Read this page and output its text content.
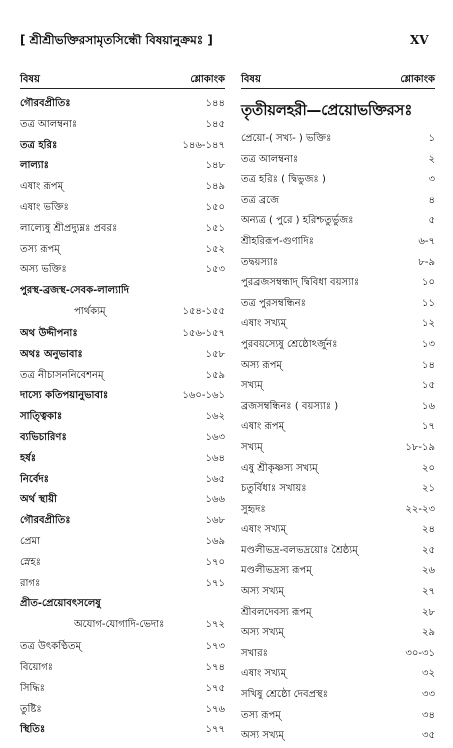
[ শ্রীশ্রীভক্তিরসামৃতসিন্ধৌ বিষয়ানুক্রমঃ ]	XV
বিষয়	শ্লোকাংক
গৌরবপ্রীতিঃ	১৪৪
তত্র আলম্বনাঃ	১৪৫
তত্র হরিঃ	১৪৬-১৪৭
লাল্যাঃ	১৪৮
এষাং রূপম্	১৪৯
এষাং ভক্তিঃ	১৫০
লাল্যেষু শ্রীপ্রদ্যুম্নঃ প্রবরঃ	১৫১
তস্য রূপম্	১৫২
অস্য ভক্তিঃ	১৫৩
পুরস্থ-ব্রজস্থ-সেবক-লাল্যাদি
পার্থক্যম্	১৫৪-১৫৫
অথ উদ্দীপনাঃ	১৫৬-১৫৭
অথঃ অনুভাবাঃ	১৫৮
তত্র নীচাসননিবেশনম্	১৫৯
দাস্যে কতিপয়ানুভাবাঃ	১৬০-১৬১
সাত্ত্বিকাঃ	১৬২
ব্যভিচারিণঃ	১৬৩
হর্ষঃ	১৬৪
নির্বেদঃ	১৬৫
অর্থ স্থায়ী	১৬৬
গৌরবপ্রীতিঃ	১৬৮
প্রেমা	১৬৯
স্নেহঃ	১৭০
রাগঃ	১৭১
প্রীত-প্রেয়োবৎসলেষু
অযোগ-যোগাদি-ভেদাঃ	১৭২
তত্র উৎকণ্ঠিতম্	১৭৩
বিয়োগঃ	১৭৪
সিদ্ধিঃ	১৭৫
তুষ্টিঃ	১৭৬
স্থিতিঃ	১৭৭
বিষয়	শ্লোকাংক
তৃতীয়লহরী—প্রেয়োভক্তিরসঃ
প্রেয়ো-( সখ্য- ) ভক্তিঃ	১
তত্র আলম্বনাঃ	২
তত্র হরিঃ ( দ্বিভুজঃ )	৩
তত্র ব্রজে	৪
অন্যত্র ( পুরে ) হরিশ্চতুর্ভুজঃ	৫
শ্রীহরিরূপ-গুণাদিঃ	৬-৭
তদ্বয়স্যাঃ	৮-৯
পুরব্রজসম্বন্ধাদ্ দ্বিবিধা বয়স্যাঃ	১০
তত্র পুরসম্বন্ধিনঃ	১১
এষাং সখ্যম্	১২
পুরবয়স্যেষু শ্রেষ্ঠোঽর্জুনঃ	১৩
অস্য রূপম্	১৪
সখ্যম্	১৫
ব্রজসম্বন্ধিনঃ ( বয়স্যাঃ )	১৬
এষাং রূপম্	১৭
সখ্যম্	১৮-১৯
এষু শ্রীকৃষ্ণস্য সখ্যম্	২০
চতুর্বিধাঃ সখায়ঃ	২১
সুহৃদঃ	২২-২৩
এষাং সখ্যম্	২৪
মণ্ডলীভদ্র-বলভদ্রয়োঃ শ্রৈষ্ঠ্যম্	২৫
মণ্ডলীভদ্রস্য রূপম্	২৬
অস্য সখ্যম্	২৭
শ্রীবলদেবস্য রূপম্	২৮
অস্য সখ্যম্	২৯
সখারঃ	৩০-৩১
এষাং সখ্যম্	৩২
সখিষু শ্রেষ্ঠো দেবপ্রস্থঃ	৩৩
তস্য রূপম্	৩৪
অস্য সখ্যম্	৩৫
